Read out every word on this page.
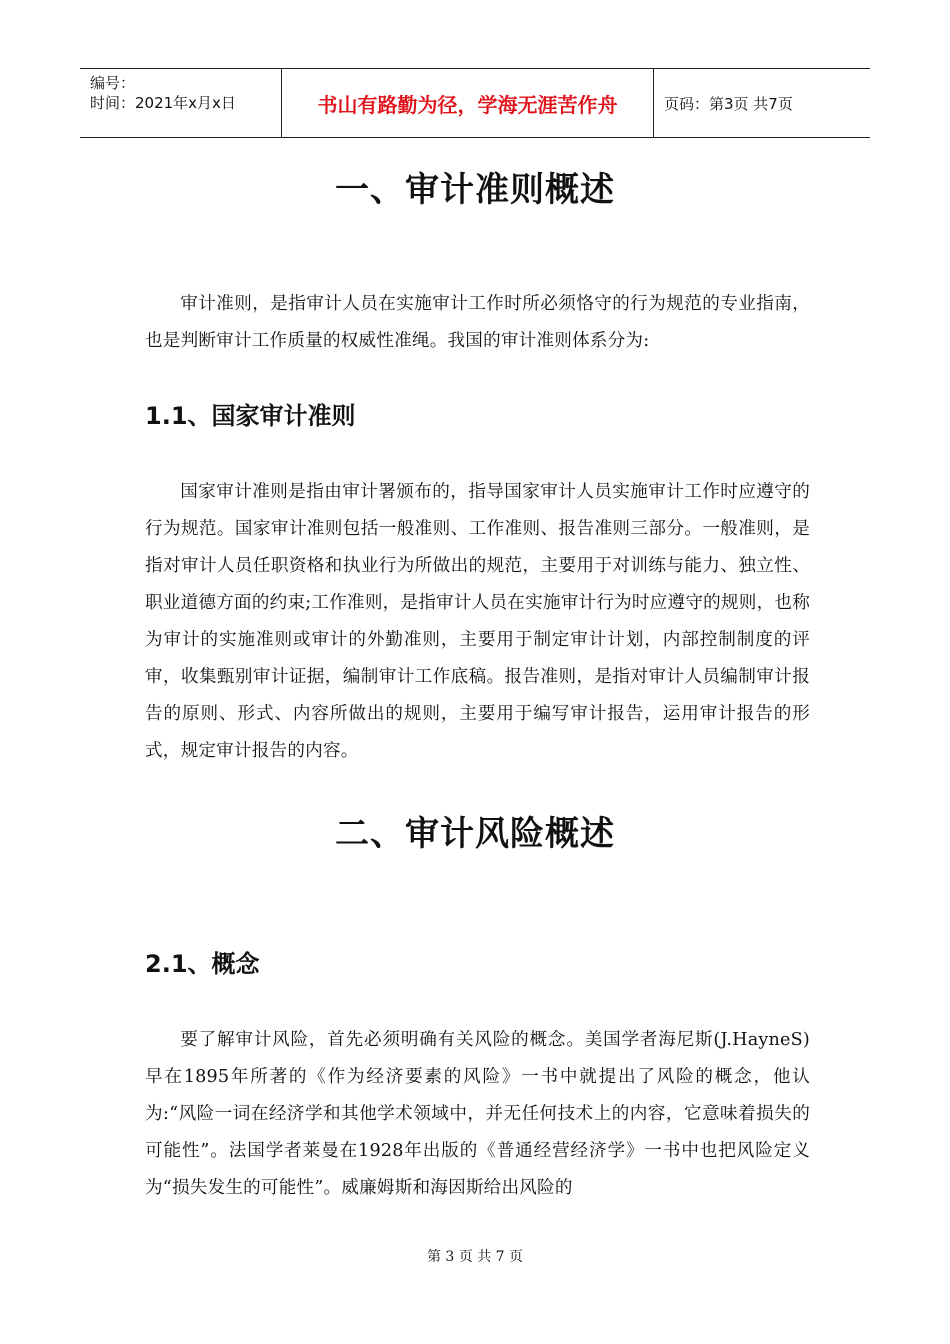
编号：
时间：2021年x月x日	书山有路勤为径，学海无涯苦作舟	页码：第3页 共7页
一、审计准则概述

审计准则，是指审计人员在实施审计工作时所必须恪守的行为规范的专业指南，也是判断审计工作质量的权威性准绳。我国的审计准则体系分为:

1.1、国家审计准则

国家审计准则是指由审计署颁布的，指导国家审计人员实施审计工作时应遵守的行为规范。国家审计准则包括一般准则、工作准则、报告准则三部分。一般准则，是指对审计人员任职资格和执业行为所做出的规范，主要用于对训练与能力、独立性、职业道德方面的约束;工作准则，是指审计人员在实施审计行为时应遵守的规则，也称为审计的实施准则或审计的外勤准则，主要用于制定审计计划，内部控制制度的评审，收集甄别审计证据，编制审计工作底稿。报告准则，是指对审计人员编制审计报告的原则、形式、内容所做出的规则，主要用于编写审计报告，运用审计报告的形式，规定审计报告的内容。

二、审计风险概述
2.1、概念

要了解审计风险，首先必须明确有关风险的概念。美国学者海尼斯(J.HayneS)早在1895年所著的《作为经济要素的风险》一书中就提出了风险的概念，他认为:“风险一词在经济学和其他学术领域中，并无任何技术上的内容，它意味着损失的可能性”。法国学者莱曼在1928年出版的《普通经营经济学》一书中也把风险定义为“损失发生的可能性”。威廉姆斯和海因斯给出风险的

第 3 页 共 7 页
